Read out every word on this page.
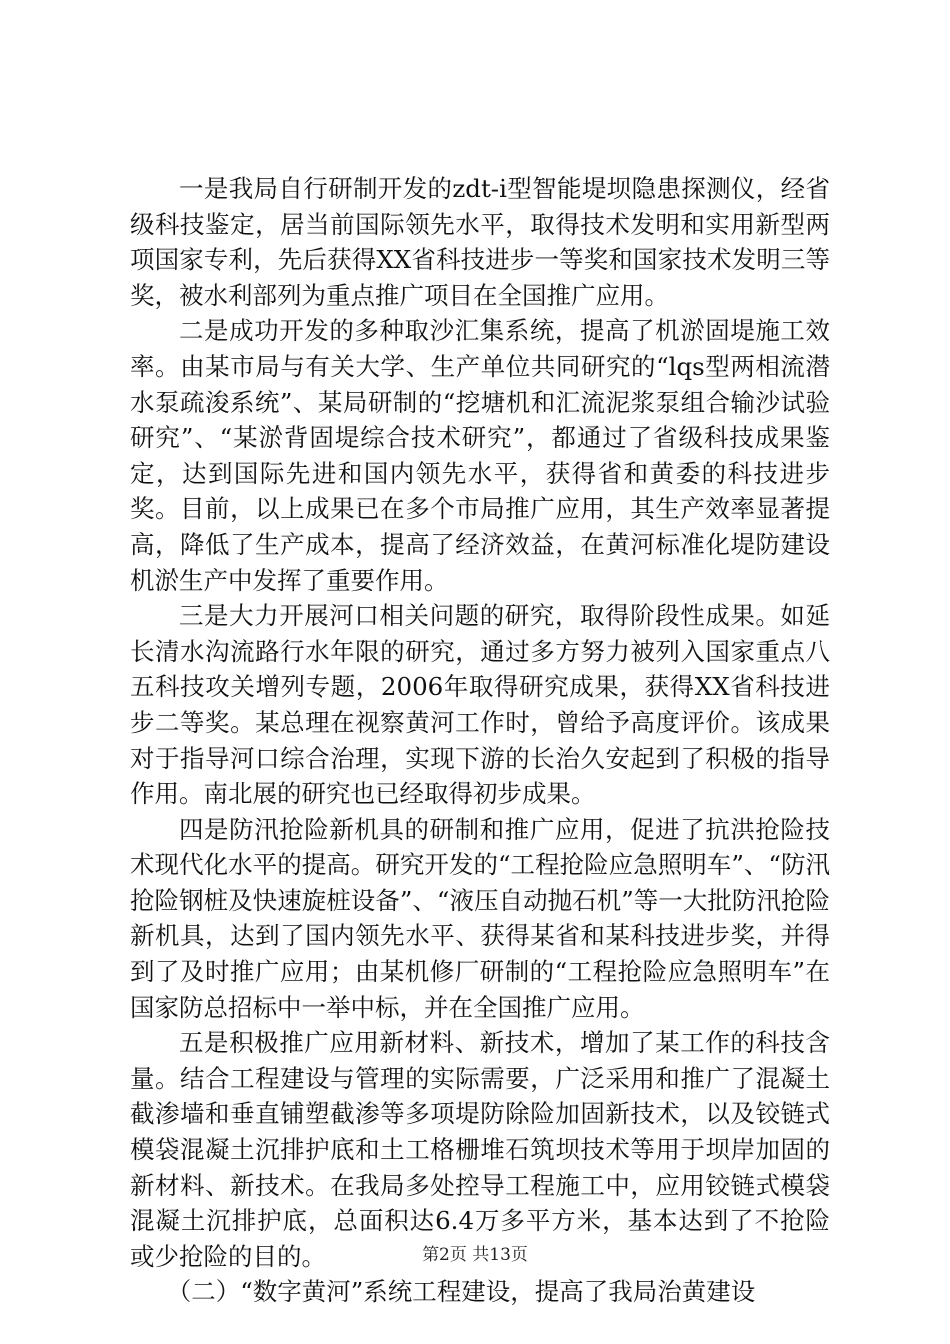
一是我局自行研制开发的zdt-i型智能堤坝隐患探测仪，经省级科技鉴定，居当前国际领先水平，取得技术发明和实用新型两项国家专利，先后获得XX省科技进步一等奖和国家技术发明三等奖，被水利部列为重点推广项目在全国推广应用。

二是成功开发的多种取沙汇集系统，提高了机淤固堤施工效率。由某市局与有关大学、生产单位共同研究的“lqs型两相流潜水泵疏浚系统”、某局研制的“挖塘机和汇流泥浆泵组合输沙试验研究”、“某淤背固堤综合技术研究”，都通过了省级科技成果鉴定，达到国际先进和国内领先水平，获得省和黄委的科技进步奖。目前，以上成果已在多个市局推广应用，其生产效率显著提高，降低了生产成本，提高了经济效益，在黄河标准化堤防建设机淤生产中发挥了重要作用。

三是大力开展河口相关问题的研究，取得阶段性成果。如延长清水沟流路行水年限的研究，通过多方努力被列入国家重点八五科技攻关增列专题，2006年取得研究成果，获得XX省科技进步二等奖。某总理在视察黄河工作时，曾给予高度评价。该成果对于指导河口综合治理，实现下游的长治久安起到了积极的指导作用。南北展的研究也已经取得初步成果。

四是防汛抢险新机具的研制和推广应用，促进了抗洪抢险技术现代化水平的提高。研究开发的“工程抢险应急照明车”、“防汛抢险钢桩及快速旋桩设备”、“液压自动抛石机”等一大批防汛抢险新机具，达到了国内领先水平、获得某省和某科技进步奖，并得到了及时推广应用；由某机修厂研制的“工程抢险应急照明车”在国家防总招标中一举中标，并在全国推广应用。

五是积极推广应用新材料、新技术，增加了某工作的科技含量。结合工程建设与管理的实际需要，广泛采用和推广了混凝土截渗墙和垂直铺塑截渗等多项堤防除险加固新技术，以及铰链式模袋混凝土沉排护底和土工格栅堆石筑坝技术等用于坝岸加固的新材料、新技术。在我局多处控导工程施工中，应用铰链式模袋混凝土沉排护底，总面积达6.4万多平方米，基本达到了不抢险或少抢险的目的。

（二）“数字黄河”系统工程建设，提高了我局治黄建设

第2页 共13页
